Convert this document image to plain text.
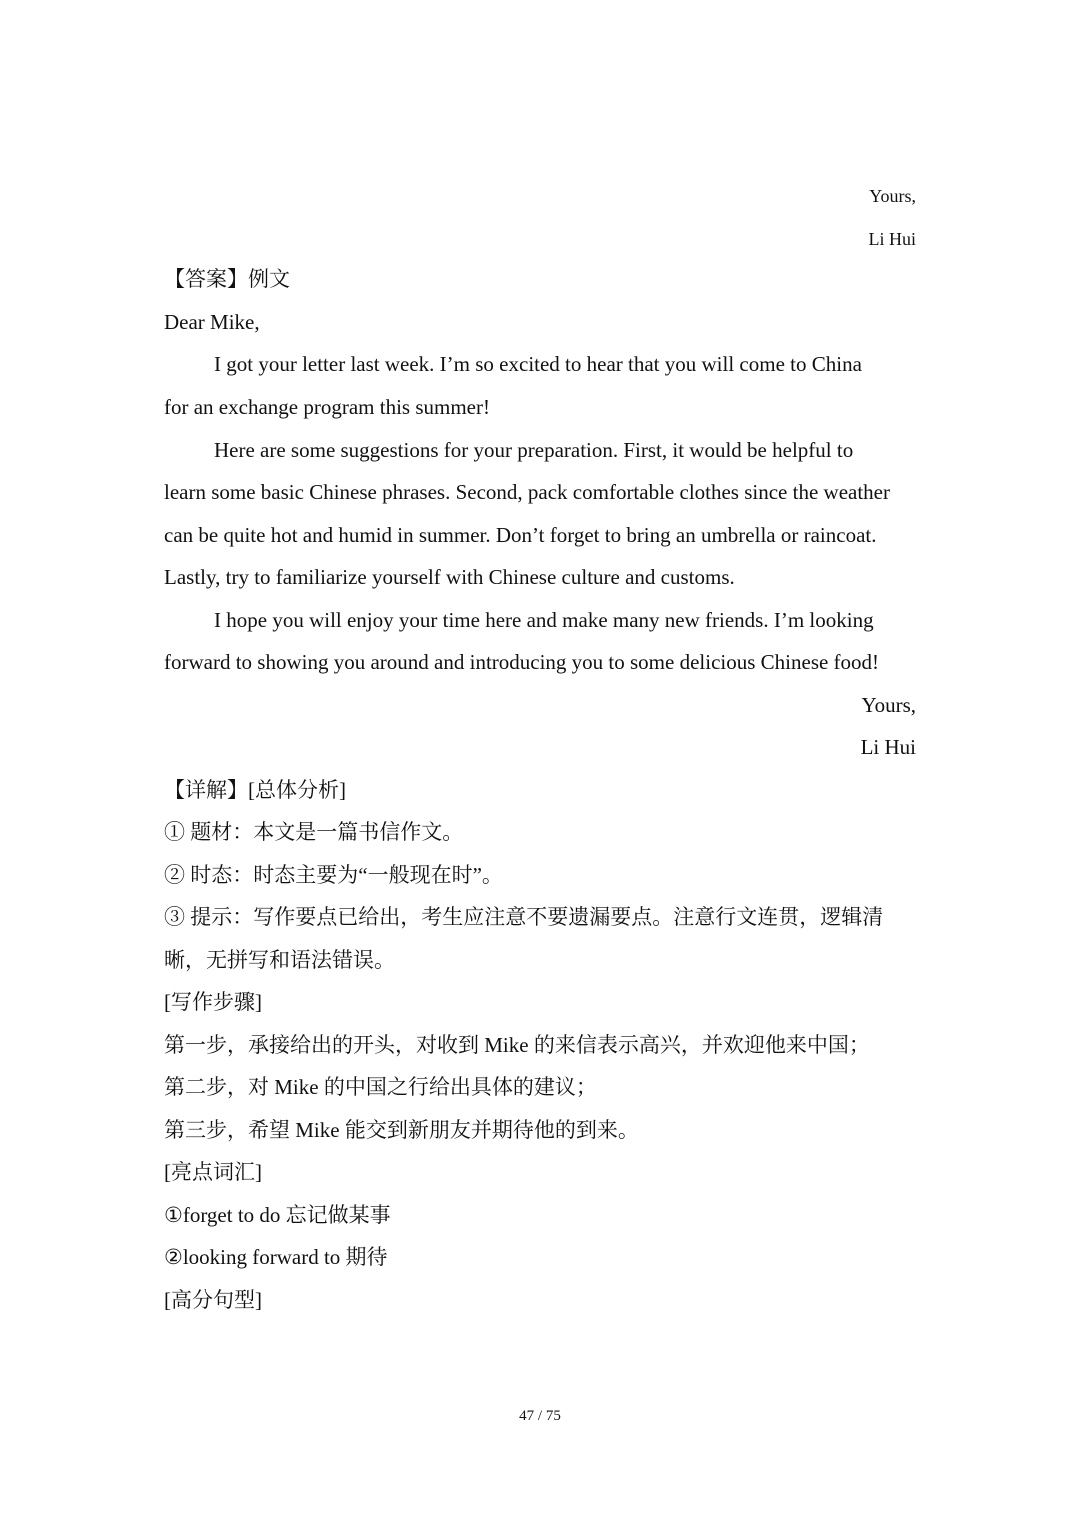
Yours,
Li Hui
【答案】例文
Dear Mike,
I got your letter last week. I’m so excited to hear that you will come to China
for an exchange program this summer!
Here are some suggestions for your preparation. First, it would be helpful to
learn some basic Chinese phrases. Second, pack comfortable clothes since the weather
can be quite hot and humid in summer. Don’t forget to bring an umbrella or raincoat.
Lastly, try to familiarize yourself with Chinese culture and customs.
I hope you will enjoy your time here and make many new friends. I’m looking
forward to showing you around and introducing you to some delicious Chinese food!
Yours,
Li Hui
【详解】[总体分析]
① 题材：本文是一篇书信作文。
② 时态：时态主要为“一般现在时”。
③ 提示：写作要点已给出，考生应注意不要遗漏要点。注意行文连贯，逻辑清
晰，无拼写和语法错误。
[写作步骤]
第一步，承接给出的开头，对收到 Mike 的来信表示高兴，并欢迎他来中国；
第二步，对 Mike 的中国之行给出具体的建议；
第三步，希望 Mike 能交到新朋友并期待他的到来。
[亮点词汇]
①forget to do 忘记做某事
②looking forward to 期待
[高分句型]
47 / 75
